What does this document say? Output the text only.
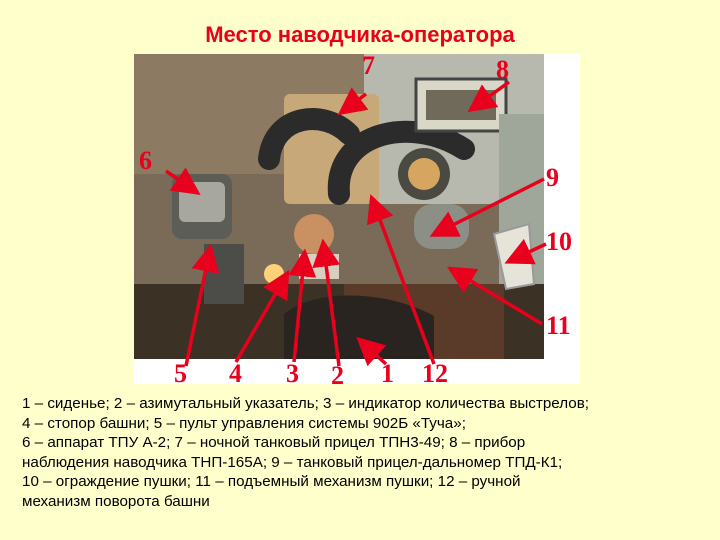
Место наводчика-оператора
7	8
6
9
10
11
5 4 3 2 1 12
1 – сиденье; 2 – азимутальный указатель; 3 – индикатор количества выстрелов;
4 – стопор башни; 5 – пульт управления системы 902Б «Туча»;
6 – аппарат ТПУ А-2; 7 – ночной танковый прицел ТПН3-49; 8 – прибор
наблюдения наводчика ТНП-165А; 9 – танковый прицел-дальномер ТПД-К1;
10 – ограждение пушки; 11 – подъемный механизм пушки; 12 – ручной
механизм поворота башни
